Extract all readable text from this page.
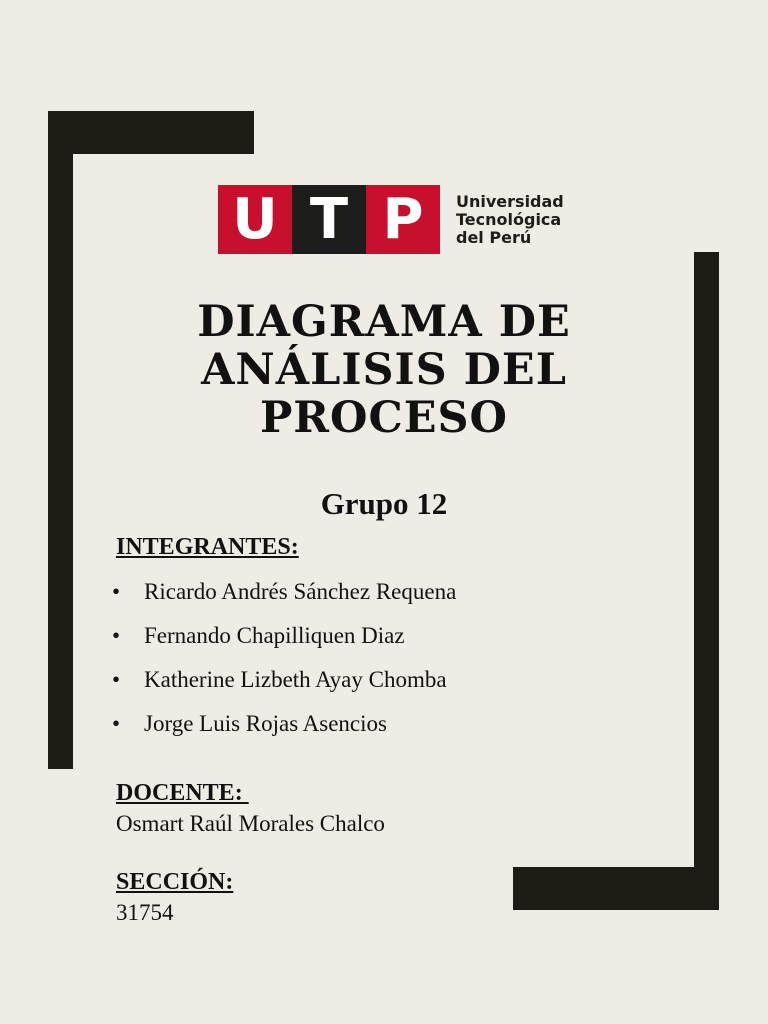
U T P	Universidad
Tecnológica
del Perú
DIAGRAMA DE
ANÁLISIS DEL
PROCESO
Grupo 12
INTEGRANTES:
• Ricardo Andrés Sánchez Requena
• Fernando Chapilliquen Diaz
• Katherine Lizbeth Ayay Chomba
• Jorge Luis Rojas Asencios
DOCENTE:
Osmart Raúl Morales Chalco
SECCIÓN:
31754
